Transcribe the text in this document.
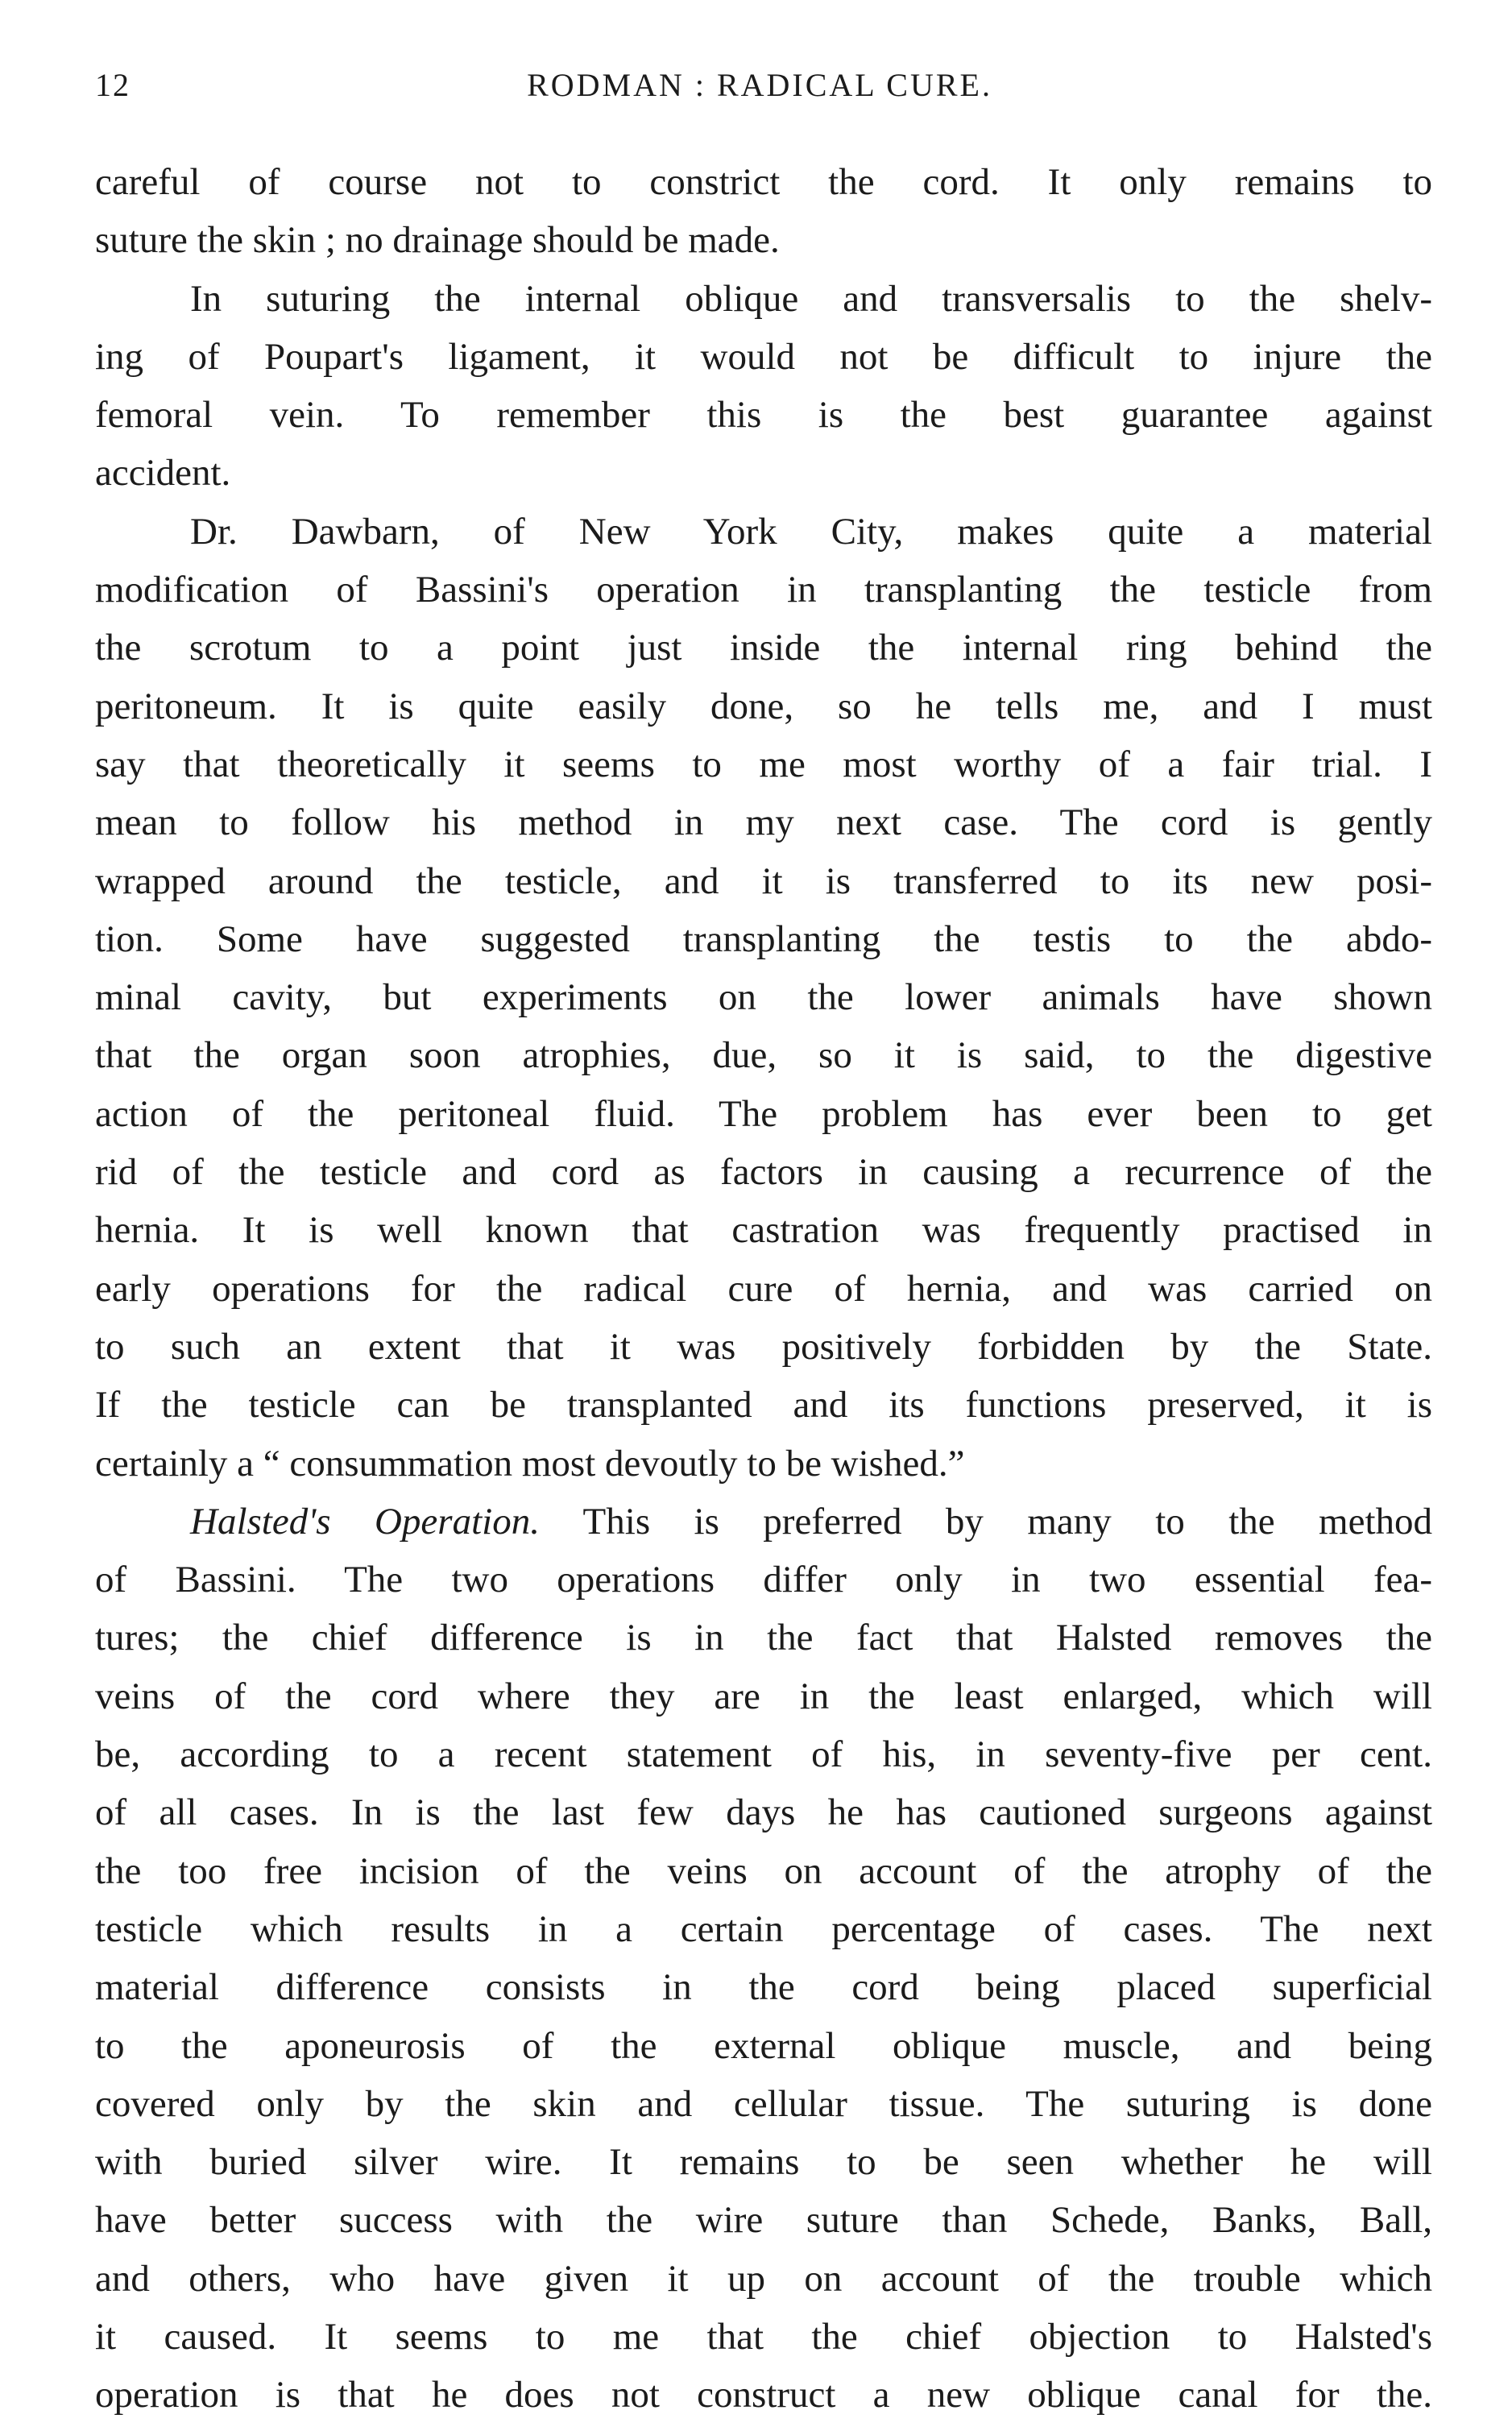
12	RODMAN : RADICAL CURE.
careful of course not to constrict the cord. It only remains to
suture the skin ; no drainage should be made.
In suturing the internal oblique and transversalis to the shelv-
ing of Poupart's ligament, it would not be difficult to injure the
femoral vein. To remember this is the best guarantee against
accident.
Dr. Dawbarn, of New York City, makes quite a material
modification of Bassini's operation in transplanting the testicle from
the scrotum to a point just inside the internal ring behind the
peritoneum. It is quite easily done, so he tells me, and I must
say that theoretically it seems to me most worthy of a fair trial. I
mean to follow his method in my next case. The cord is gently
wrapped around the testicle, and it is transferred to its new posi-
tion. Some have suggested transplanting the testis to the abdo-
minal cavity, but experiments on the lower animals have shown
that the organ soon atrophies, due, so it is said, to the digestive
action of the peritoneal fluid. The problem has ever been to get
rid of the testicle and cord as factors in causing a recurrence of the
hernia. It is well known that castration was frequently practised in
early operations for the radical cure of hernia, and was carried on
to such an extent that it was positively forbidden by the State.
If the testicle can be transplanted and its functions preserved, it is
certainly a “ consummation most devoutly to be wished.”
Halsted's Operation. This is preferred by many to the method
of Bassini. The two operations differ only in two essential fea-
tures; the chief difference is in the fact that Halsted removes the
veins of the cord where they are in the least enlarged, which will
be, according to a recent statement of his, in seventy-five per cent.
of all cases. In is the last few days he has cautioned surgeons against
the too free incision of the veins on account of the atrophy of the
testicle which results in a certain percentage of cases. The next
material difference consists in the cord being placed superficial
to the aponeurosis of the external oblique muscle, and being
covered only by the skin and cellular tissue. The suturing is done
with buried silver wire. It remains to be seen whether he will
have better success with the wire suture than Schede, Banks, Ball,
and others, who have given it up on account of the trouble which
it caused. It seems to me that the chief objection to Halsted's
operation is that he does not construct a new oblique canal for the.
